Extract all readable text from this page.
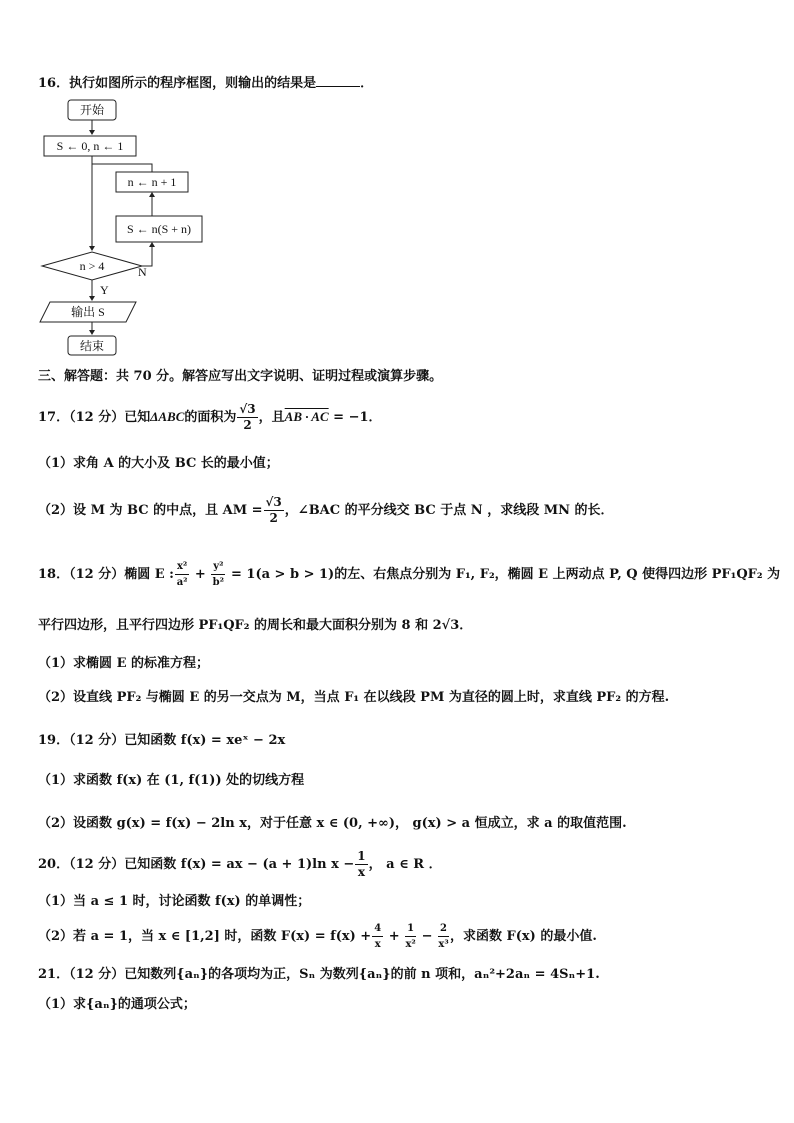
16．执行如图所示的程序框图，则输出的结果是	．
开始
S ← 0, n ← 1
n ← n + 1
S ← n(S + n)
N
n > 4
Y
输出 S
结束
三、解答题：共 70 分。解答应写出文字说明、证明过程或演算步骤。
17．（12 分）已知ΔABC的面积为 $\frac{√3}{2}$ ，且AB · AC = −1．
（1）求角 A 的大小及 BC 长的最小值；
（2）设 M 为 BC 的中点，且 AM = $\frac{√3}{2}$ ，∠BAC 的平分线交 BC 于点 N ，求线段 MN 的长．
18．（12 分）椭圆 E : $\frac{\text{x²}}{\text{a²}} + \frac{\text{y²}}{\text{b²}} = 1(a > b > 1)$的左、右焦点分别为 F₁, F₂，椭圆 E 上两动点 P, Q 使得四边形 PF₁QF₂ 为
平行四边形，且平行四边形 PF₁QF₂ 的周长和最大面积分别为 8 和 2√3．
（1）求椭圆 E 的标准方程；
（2）设直线 PF₂ 与椭圆 E 的另一交点为 M，当点 F₁ 在以线段 PM 为直径的圆上时，求直线 PF₂ 的方程.
19．（12 分）已知函数 f(x) = xeˣ − 2x
（1）求函数 f(x) 在 (1, f(1)) 处的切线方程
（2）设函数 g(x) = f(x) − 2ln x，对于任意 x ∈ (0, +∞)， g(x) > a 恒成立，求 a 的取值范围.
20．（12 分）已知函数 f(x) = ax − (a + 1)ln $x - \frac{1}{x}$ ， a ∈ R ．
（1）当 a ≤ 1 时，讨论函数 f(x) 的单调性；
（2）若 a = 1，当 x ∈ [1,2] 时，函数 $F(x) = f(x) + \frac{4}{x} + \frac{1}{\text{x²}} - \frac{2}{\text{x³}}$ ，求函数 F(x) 的最小值.
21．（12 分）已知数列{aₙ}的各项均为正，Sₙ 为数列{aₙ}的前 n 项和，aₙ²+2aₙ = 4Sₙ+1.
（1）求{aₙ}的通项公式；
